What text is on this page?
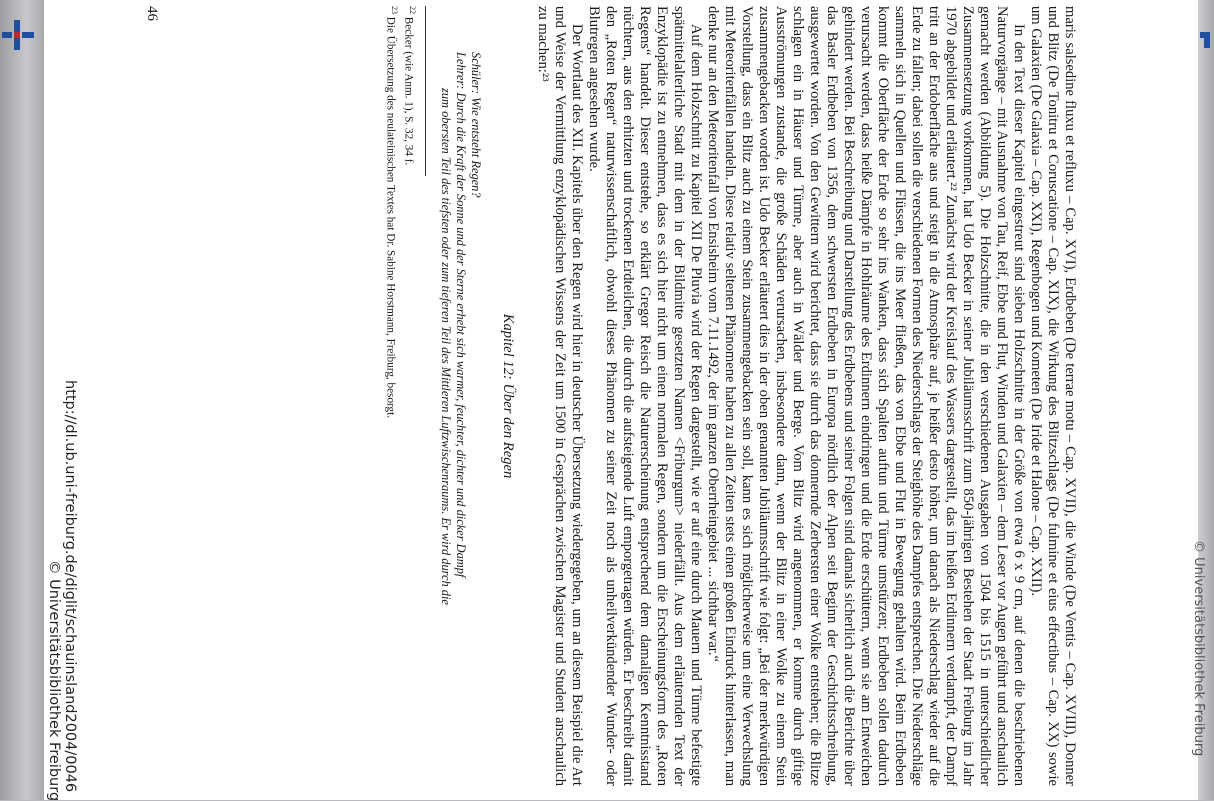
maris salsedine fluxu et refluxu – Cap. XVI), Erdbeben (De terrae motu – Cap. XVII), die Winde (De Ventis – Cap. XVIII), Donner und Blitz (De Tonitru et Coruscatione – Cap. XIX), die Wirkung des Blitzschlags (De fulmine et eius effectibus – Cap. XX) sowie um Galaxien (De Galaxia – Cap. XXI), Regenbogen und Kometen (De Iride et Halone – Cap. XXII).

In den Text dieser Kapitel eingestreut sind sieben Holzschnitte in der Größe von etwa 6 x 9 cm, auf denen die beschriebenen Naturvorgänge – mit Ausnahme von Tau, Reif, Ebbe und Flut, Winden und Galaxien – dem Leser vor Augen geführt und anschaulich gemacht werden (Abbildung 5). Die Holzschnitte, die in den verschiedenen Ausgaben von 1504 bis 1515 in unterschiedlicher Zusammensetzung vorkommen, hat Udo Becker in seiner Jubiläumsschrift zum 850-jährigen Bestehen der Stadt Freiburg im Jahr 1970 abgebildet und erläutert.²² Zunächst wird der Kreislauf des Wassers dargestellt, das im heißen Erdinnern verdampft, der Dampf tritt an der Erdoberfläche aus und steigt in die Atmosphäre auf, je heißer desto höher, um danach als Niederschlag wieder auf die Erde zu fallen; dabei sollen die verschiedenen Formen des Niederschlags der Steighöhe des Dampfes entsprechen. Die Niederschläge sammeln sich in Quellen und Flüssen, die ins Meer fließen, das von Ebbe und Flut in Bewegung gehalten wird. Beim Erdbeben kommt die Oberfläche der Erde so sehr ins Wanken, dass sich Spalten auftun und Türme umstürzen; Erdbeben sollen dadurch verursacht werden, dass heiße Dämpfe in Hohlräume des Erdinnern eindringen und die Erde erschüttern, wenn sie am Entweichen gehindert werden. Bei Beschreibung und Darstellung des Erdbebens und seiner Folgen sind damals sicherlich auch die Berichte über das Basler Erdbeben von 1356, dem schwersten Erdbeben in Europa nördlich der Alpen seit Beginn der Geschichtsschreibung, ausgewertet worden. Von den Gewittern wird berichtet, dass sie durch das donnernde Zerbersten einer Wolke entstehen; die Blitze schlagen ein in Häuser und Türme, aber auch in Wälder und Berge. Vom Blitz wird angenommen, er komme durch giftige Ausströmungen zustande, die große Schäden verursachen, insbesondere dann, wenn der Blitz in einer Wolke zu einem Stein zusammengebacken worden ist. Udo Becker erläutert dies in der oben genannten Jubiläumsschrift wie folgt: „Bei der merkwürdigen Vorstellung, dass ein Blitz auch zu einem Stein zusammengebacken sein soll, kann es sich möglicherweise um eine Verwechslung mit Meteoritenfällen handeln. Diese relativ seltenen Phänomene haben zu allen Zeiten stets einen großen Eindruck hinterlassen, man denke nur an den Meteoritenfall von Ensisheim vom 7.11.1492, der im ganzen Oberrheingebiet ... sichtbar war.“

Auf dem Holzschnitt zu Kapitel XII De Pluvia wird der Regen dargestellt, wie er auf eine durch Mauern und Türme befestigte spätmittelalterliche Stadt mit dem in der Bildmitte gesetzten Namen <Friburgum> niederfällt. Aus dem erläuternden Text der Enzyklopädie ist zu entnehmen, dass es sich hier nicht um einen normalen Regen, sondern um die Erscheinungsform des „Roten Regens“ handelt. Dieser entstehe, so erklärt Gregor Reisch die Naturerscheinung entsprechend dem damaligen Kenntnisstand nüchtern, aus den erhitzten und trockenen Erdteilchen, die durch die aufsteigende Luft emporgetragen würden. Er beschreibt damit den „Roten Regen“ naturwissenschaftlich, obwohl dieses Phänomen zu seiner Zeit noch als unheilverkündender Wunder- oder Blutregen angesehen wurde.

Der Wortlaut des XII. Kapitels über den Regen wird hier in deutscher Übersetzung wiedergegeben, um an diesem Beispiel die Art und Weise der Vermittlung enzyklopädischen Wissens der Zeit um 1500 in Gesprächen zwischen Magister und Student anschaulich zu machen:²³

Kapitel 12: Über den Regen
Schüler: Wie entsteht Regen?
Lehrer: Durch die Kraft der Sonne und der Sterne erhebt sich warmer, feuchter, dichter und dicker Dampf
zum obersten Teil des tiefsten oder zum tieferen Teil des Mittleren Luftzwischenraums. Er wird durch die

$^{22}$ Becker (wie Anm. 1), S. 32, 34 f.

$^{23}$ Die Übersetzung des neulateinischen Textes hat Dr. Sabine Horstmann, Freiburg, besorgt.

46
http://dl.ub.uni-freiburg.de/diglit/schauinsland2004/0046
© Universitätsbibliothek Freiburg	© Universitätsbibliothek Freiburg
